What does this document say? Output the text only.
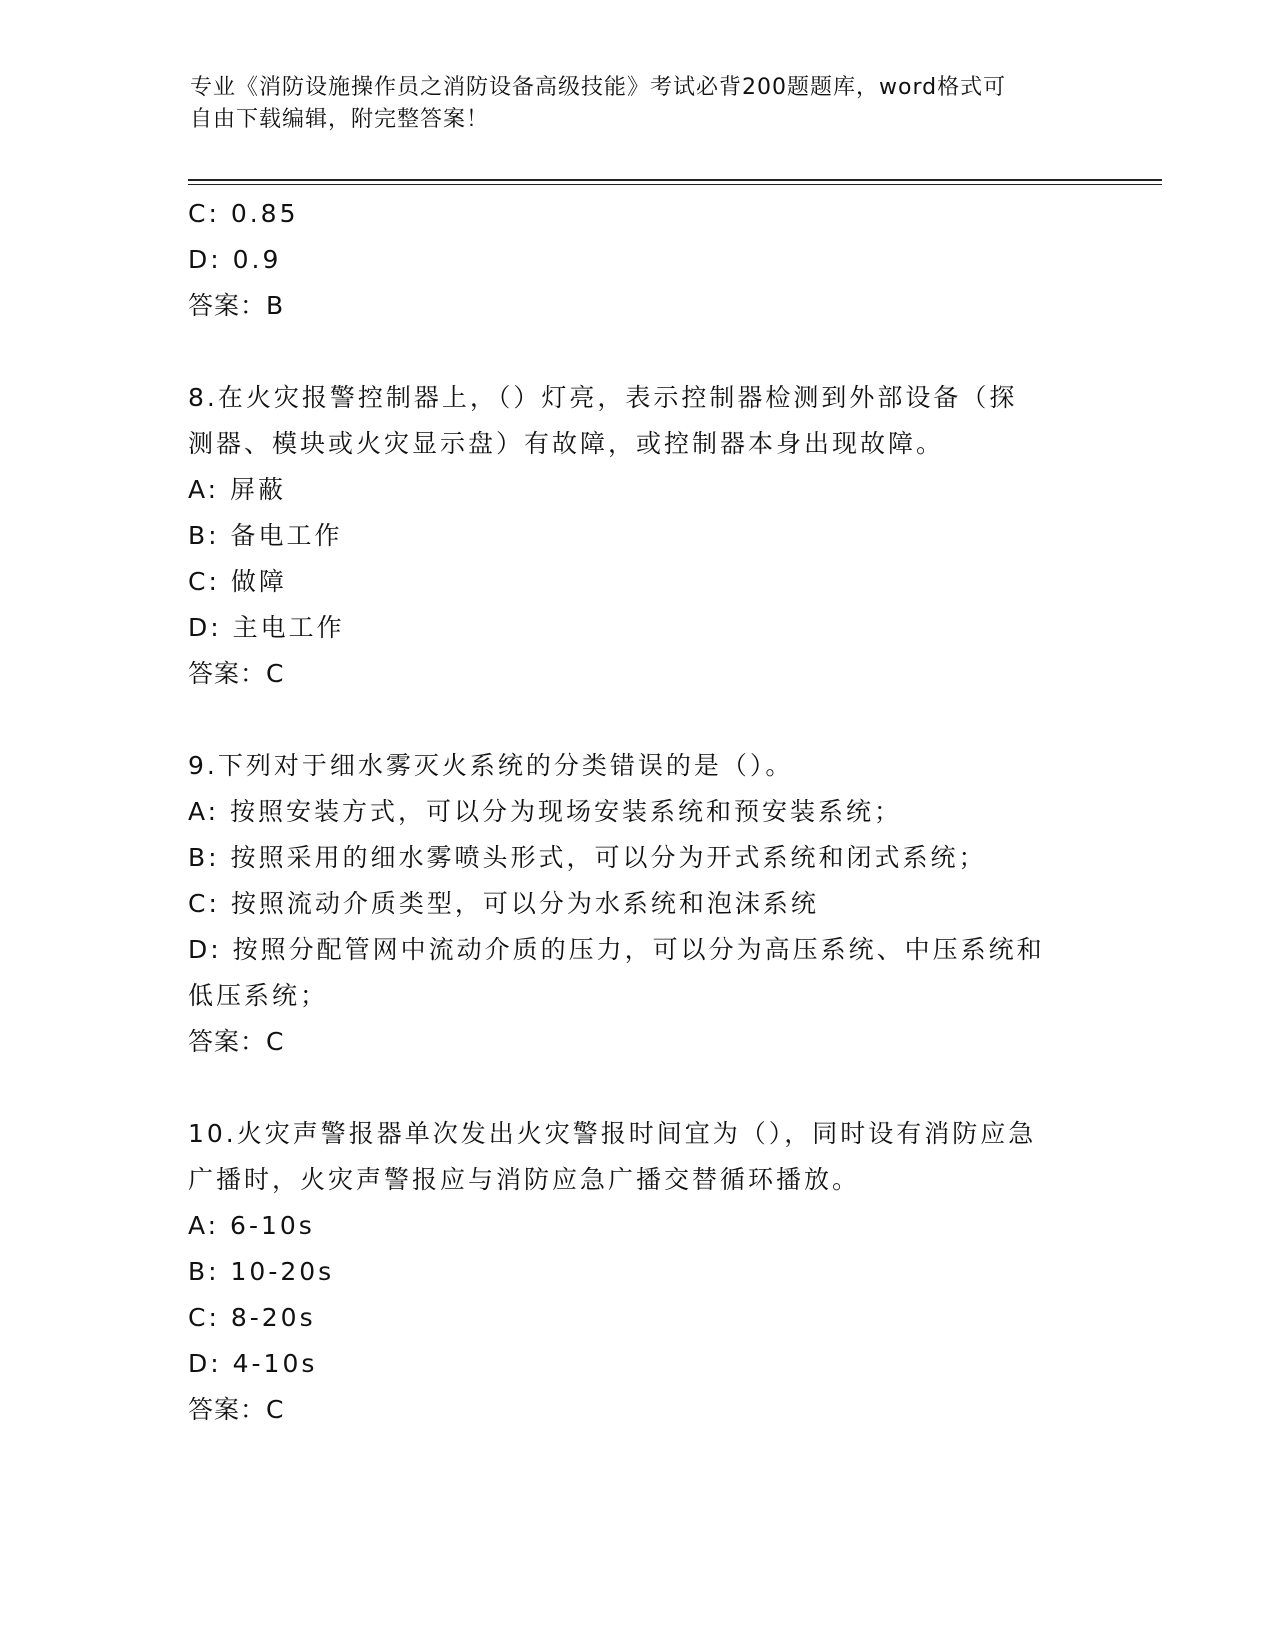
专业《消防设施操作员之消防设备高级技能》考试必背200题题库，word格式可
自由下载编辑，附完整答案！
C: 0.85
D: 0.9
答案：B
8.在火灾报警控制器上，（）灯亮，表示控制器检测到外部设备（探
测器、模块或火灾显示盘）有故障，或控制器本身出现故障。
A: 屏蔽
B: 备电工作
C: 做障
D: 主电工作
答案：C
9.下列对于细水雾灭火系统的分类错误的是（）。
A: 按照安装方式，可以分为现场安装系统和预安装系统；
B: 按照采用的细水雾喷头形式，可以分为开式系统和闭式系统；
C: 按照流动介质类型，可以分为水系统和泡沫系统
D: 按照分配管网中流动介质的压力，可以分为高压系统、中压系统和
低压系统；
答案：C
10.火灾声警报器单次发出火灾警报时间宜为（），同时设有消防应急
广播时，火灾声警报应与消防应急广播交替循环播放。
A: 6-10s
B: 10-20s
C: 8-20s
D: 4-10s
答案：C
